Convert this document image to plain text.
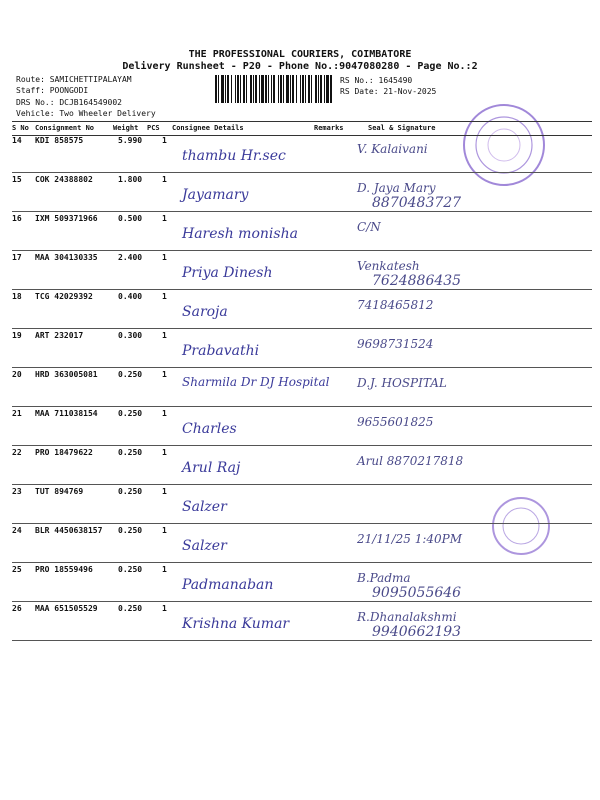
THE PROFESSIONAL COURIERS, COIMBATORE
Delivery Runsheet - P20 - Phone No.:9047080280 - Page No.:2
Route: SAMICHETTIPALAYAM
Staff: POONGODI
DRS No.: DCJB164549002
Vehicle: Two Wheeler Delivery
RS No.: 1645490
RS Date: 21-Nov-2025
S No Consignment No	Weight PCS Consignee Details	Remarks	Seal & Signature
14 KDI 858575	5.990 1
thambu Hr.sec	V. Kalaivani
15 COK 24388802	1.800 1
Jayamary	D. Jaya Mary
8870483727
16 IXM 509371966	0.500 1
Haresh monisha	C/N
17 MAA 304130335	2.400 1
Priya Dinesh	Venkatesh
7624886435
18 TCG 42029392	0.400 1
Saroja	7418465812
19 ART 232017	0.300 1
Prabavathi	9698731524
20 HRD 363005081	0.250 1
Sharmila Dr DJ Hospital D.J. HOSPITAL
21 MAA 711038154	0.250 1
Charles	9655601825
22 PRO 18479622	0.250 1
Arul Raj	Arul 8870217818
23 TUT 894769	0.250 1
Salzer
24 BLR 4450638157 0.250 1
Salzer	21/11/25 1:40PM
25 PRO 18559496	0.250 1
Padmanaban	B.Padma
9095055646
26 MAA 651505529	0.250 1
Krishna Kumar	R.Dhanalakshmi
9940662193
